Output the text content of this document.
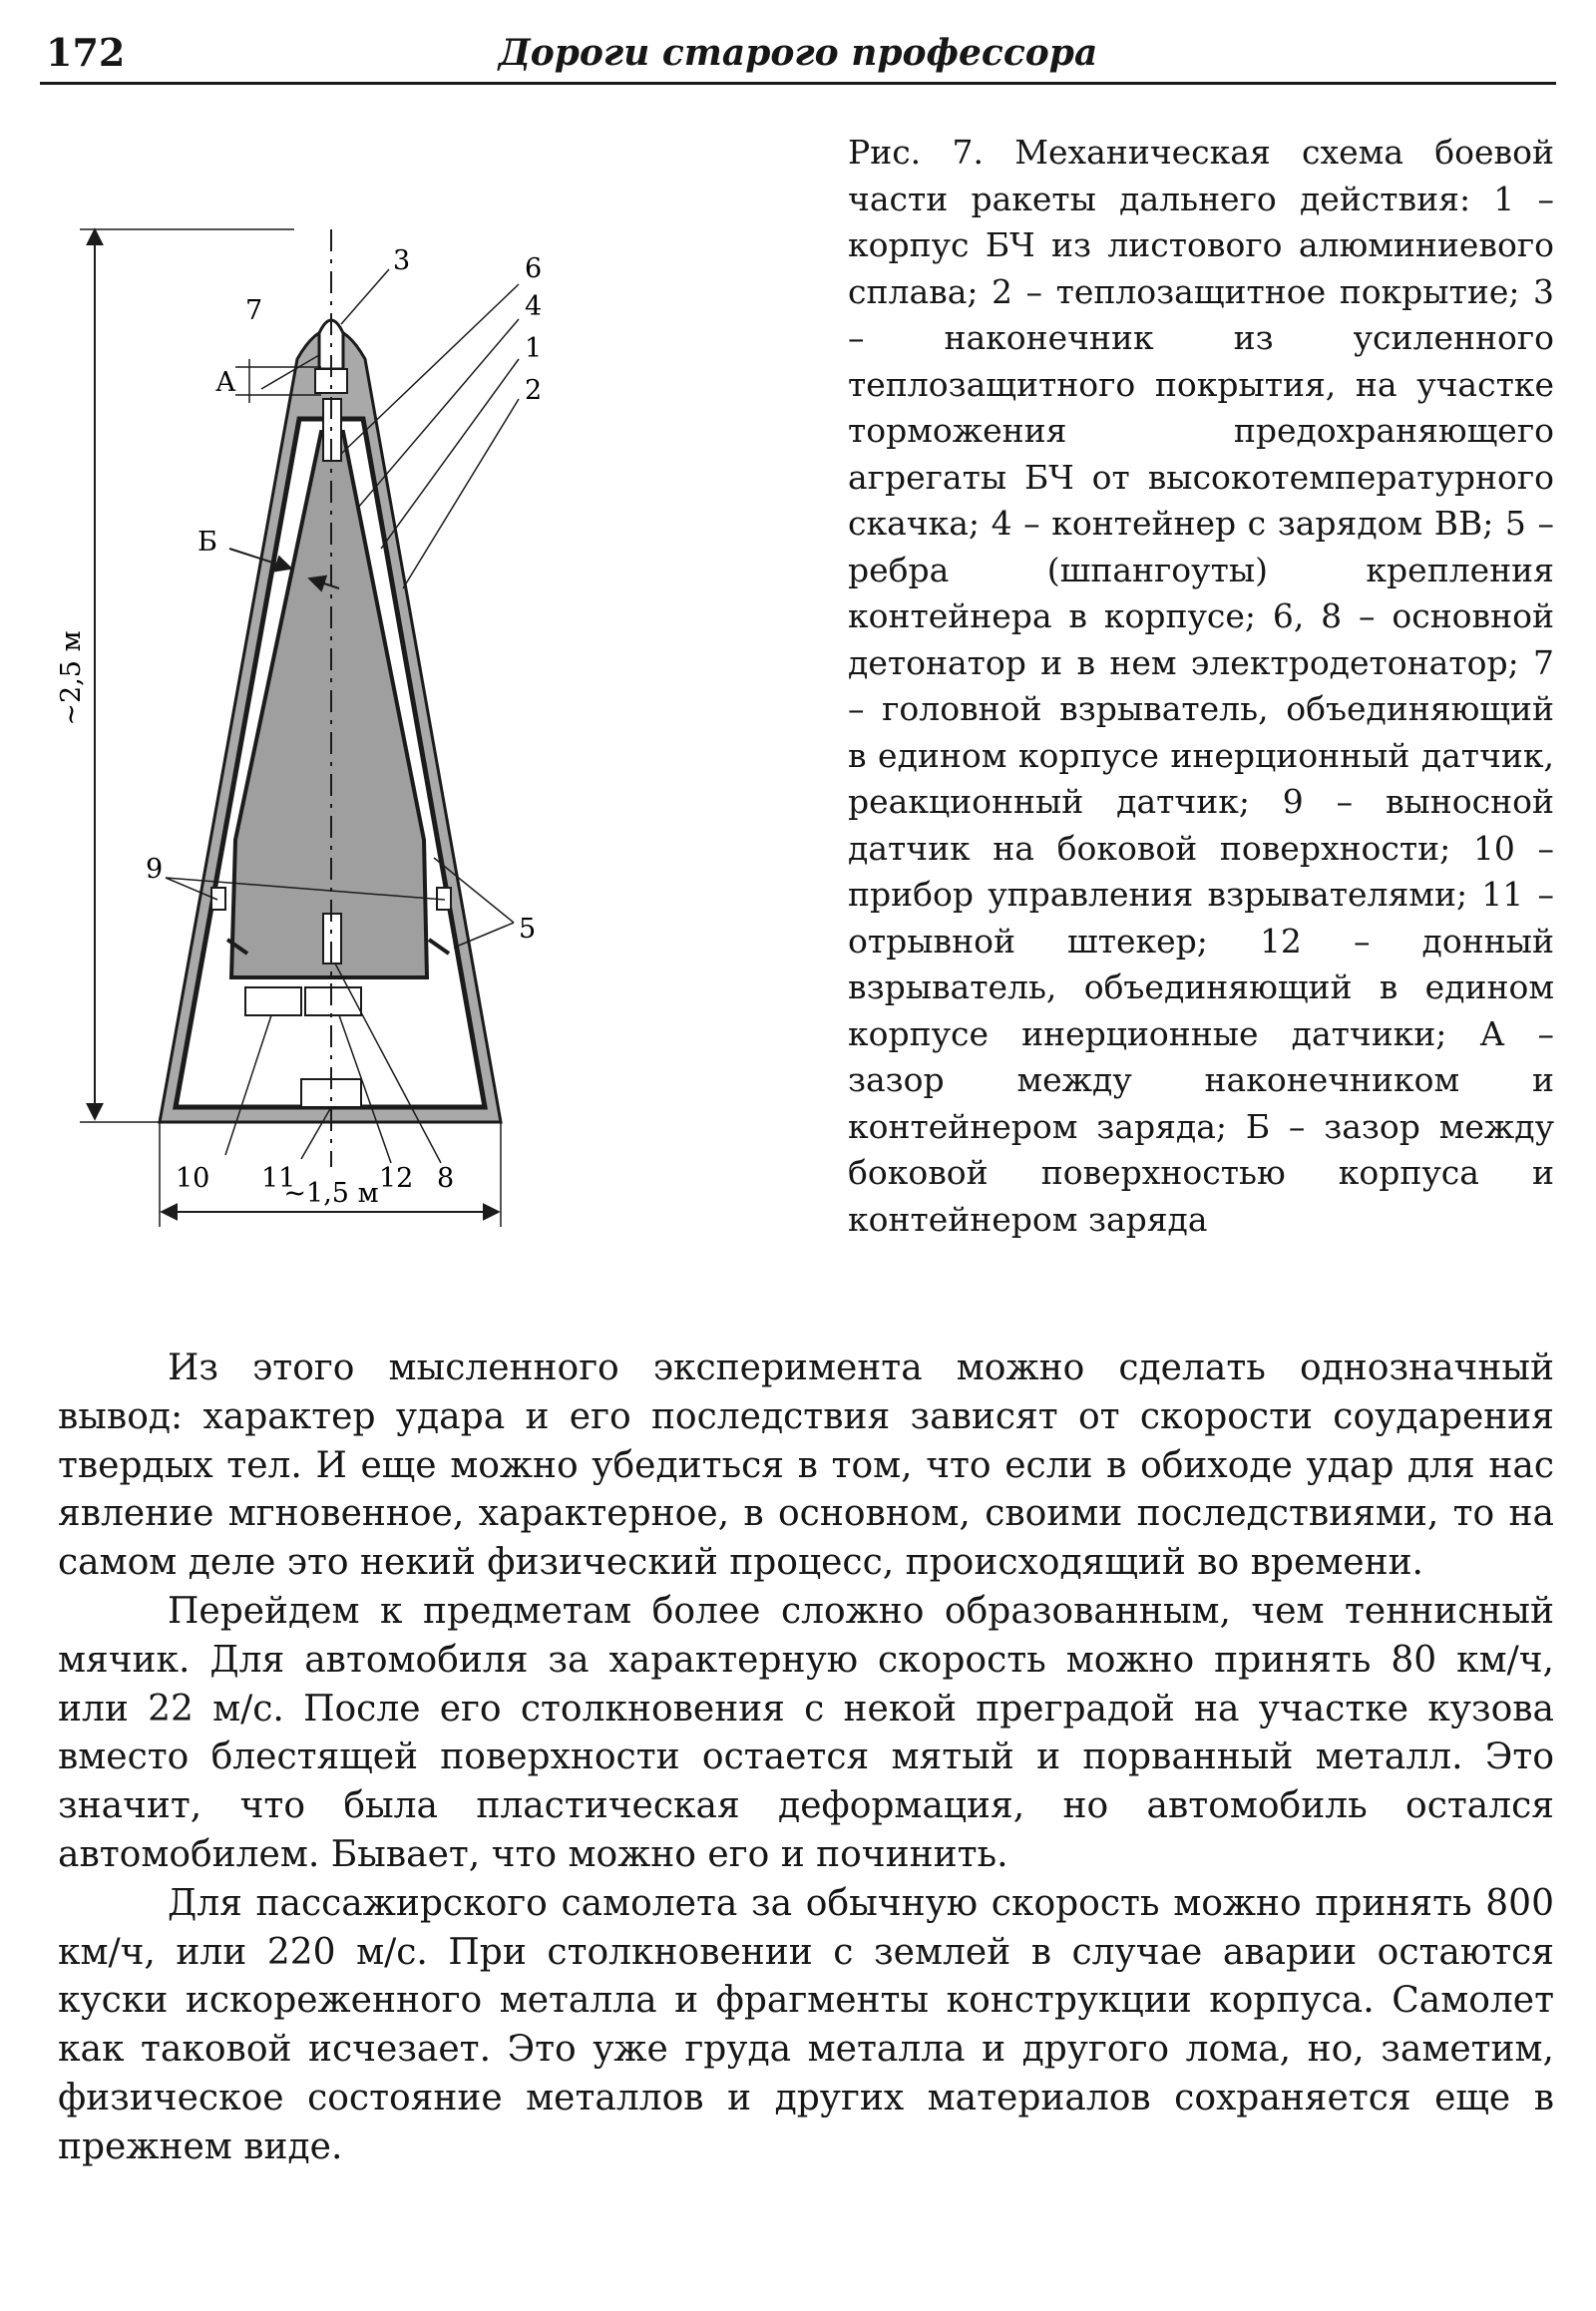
172	Дороги старого профессора
~2,5 м
~1,5 м
А
Б
3	6
4
1
2
7
9
5
10 11	12 8
Рис. 7. Механическая схема боевой части ракеты дальнего действия: 1 – корпус БЧ из листового алюминиевого сплава; 2 – теплозащитное покрытие; 3 – наконечник из усиленного теплозащитного покрытия, на участке торможения предохраняющего агрегаты БЧ от высокотемпературного скачка; 4 – контейнер с зарядом ВВ; 5 – ребра (шпангоуты) крепления контейнера в корпусе; 6, 8 – основной детонатор и в нем электродетонатор; 7 – головной взрыватель, объединяющий в едином корпусе инерционный датчик, реакционный датчик; 9 – выносной датчик на боковой поверхности; 10 – прибор управления взрывателями; 11 – отрывной штекер; 12 – донный взрыватель, объединяющий в едином корпусе инерционные датчики; А – зазор между наконечником и контейнером заряда; Б – зазор между боковой поверхностью корпуса и контейнером заряда

Из этого мысленного эксперимента можно сделать однозначный вывод: характер удара и его последствия зависят от скорости соударения твердых тел. И еще можно убедиться в том, что если в обиходе удар для нас явление мгновенное, характерное, в основном, своими последствиями, то на самом деле это некий физический процесс, происходящий во времени.

Перейдем к предметам более сложно образованным, чем теннисный мячик. Для автомобиля за характерную скорость можно принять 80 км/ч, или 22 м/с. После его столкновения с некой преградой на участке кузова вместо блестящей поверхности остается мятый и порванный металл. Это значит, что была пластическая деформация, но автомобиль остался автомобилем. Бывает, что можно его и починить.

Для пассажирского самолета за обычную скорость можно принять 800 км/ч, или 220 м/с. При столкновении с землей в случае аварии остаются куски искореженного металла и фрагменты конструкции корпуса. Самолет как таковой исчезает. Это уже груда металла и другого лома, но, заметим, физическое состояние металлов и других материалов сохраняется еще в прежнем виде.
